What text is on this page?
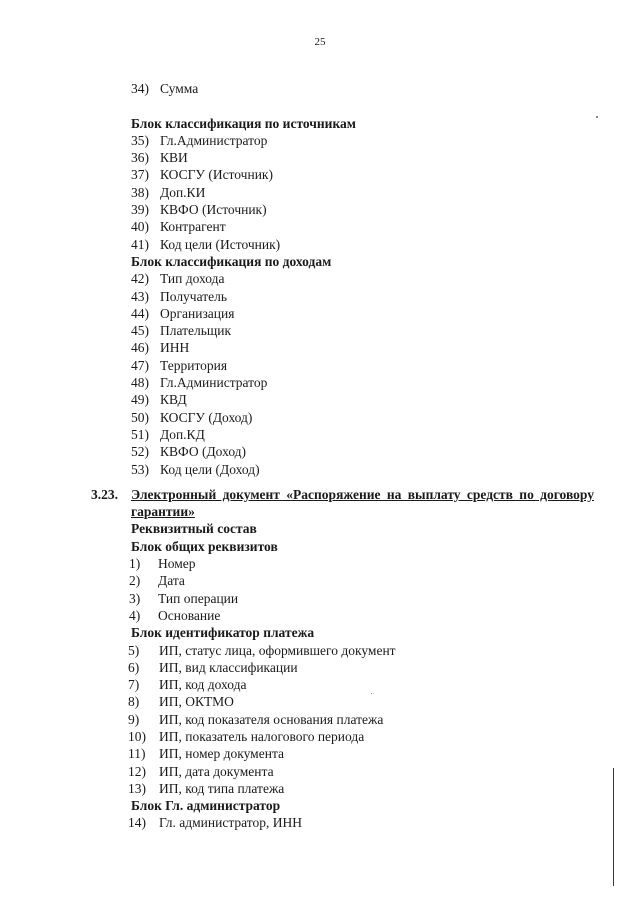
25
34) Сумма
Блок классификация по источникам
35) Гл.Администратор
36) КВИ
37) КОСГУ (Источник)
38) Доп.КИ
39) КВФО (Источник)
40) Контрагент
41) Код цели (Источник)
Блок классификация по доходам
42) Тип дохода
43) Получатель
44) Организация
45) Плательщик
46) ИНН
47) Территория
48) Гл.Администратор
49) КВД
50) КОСГУ (Доход)
51) Доп.КД
52) КВФО (Доход)
53) Код цели (Доход)
3.23. Электронный документ «Распоряжение на выплату средств по договору гарантии»
Реквизитный состав
Блок общих реквизитов
1) Номер
2) Дата
3) Тип операции
4) Основание
Блок идентификатор платежа
5) ИП, статус лица, оформившего документ
6) ИП, вид классификации
7) ИП, код дохода
8) ИП, ОКТМО
9) ИП, код показателя основания платежа
10) ИП, показатель налогового периода
11) ИП, номер документа
12) ИП, дата документа
13) ИП, код типа платежа
Блок Гл. администратор
14) Гл. администратор, ИНН
